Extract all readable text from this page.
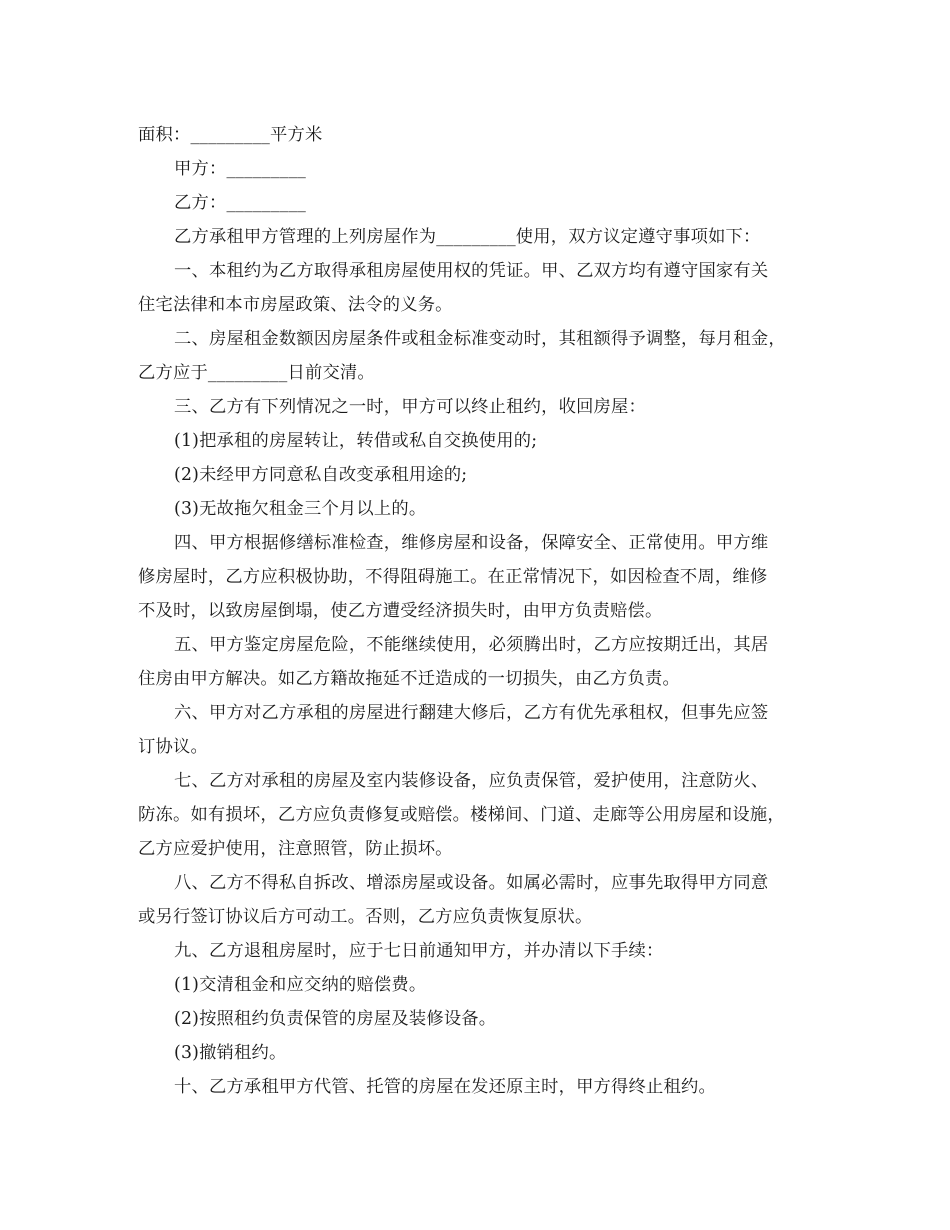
面积：_________平方米

甲方：_________

乙方：_________

乙方承租甲方管理的上列房屋作为_________使用，双方议定遵守事项如下：

一、本租约为乙方取得承租房屋使用权的凭证。甲、乙双方均有遵守国家有关

住宅法律和本市房屋政策、法令的义务。

二、房屋租金数额因房屋条件或租金标准变动时，其租额得予调整，每月租金，

乙方应于_________日前交清。

三、乙方有下列情况之一时，甲方可以终止租约，收回房屋：

(1)把承租的房屋转让，转借或私自交换使用的;

(2)未经甲方同意私自改变承租用途的;

(3)无故拖欠租金三个月以上的。

四、甲方根据修缮标准检查，维修房屋和设备，保障安全、正常使用。甲方维

修房屋时，乙方应积极协助，不得阻碍施工。在正常情况下，如因检查不周，维修

不及时，以致房屋倒塌，使乙方遭受经济损失时，由甲方负责赔偿。

五、甲方鉴定房屋危险，不能继续使用，必须腾出时，乙方应按期迁出，其居

住房由甲方解决。如乙方籍故拖延不迁造成的一切损失，由乙方负责。

六、甲方对乙方承租的房屋进行翻建大修后，乙方有优先承租权，但事先应签

订协议。

七、乙方对承租的房屋及室内装修设备，应负责保管，爱护使用，注意防火、

防冻。如有损坏，乙方应负责修复或赔偿。楼梯间、门道、走廊等公用房屋和设施，

乙方应爱护使用，注意照管，防止损坏。

八、乙方不得私自拆改、增添房屋或设备。如属必需时，应事先取得甲方同意

或另行签订协议后方可动工。否则，乙方应负责恢复原状。

九、乙方退租房屋时，应于七日前通知甲方，并办清以下手续：

(1)交清租金和应交纳的赔偿费。

(2)按照租约负责保管的房屋及装修设备。

(3)撤销租约。

十、乙方承租甲方代管、托管的房屋在发还原主时，甲方得终止租约。
